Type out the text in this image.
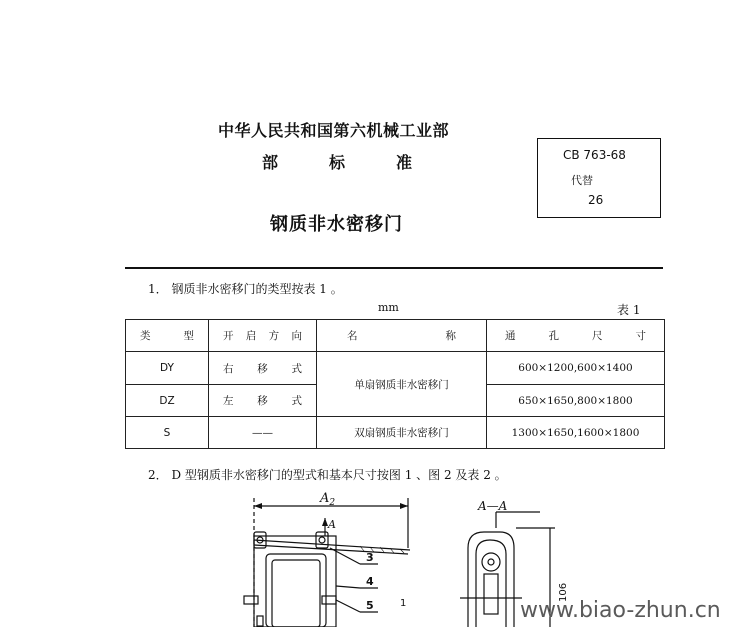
中华人民共和国第六机械工业部
部	标	准
钢质非水密移门
CB 763-68
代替
26
1． 钢质非水密移门的类型按表 1 。
mm	表 1
类 型	开 启 方 向	名 称	通 孔 尺 寸

DY	右 移 式	单扇钢质非水密移门	600×1200,600×1400
DZ	左 移 式		650×1650,800×1800
S	——	双扇钢质非水密移门	1300×1650,1600×1800
2． D 型钢质非水密移门的型式和基本尺寸按图 1 、图 2 及表 2 。
$A_2$
A
A—A
3
4
5	1
106
www.biao-zhun.cn
